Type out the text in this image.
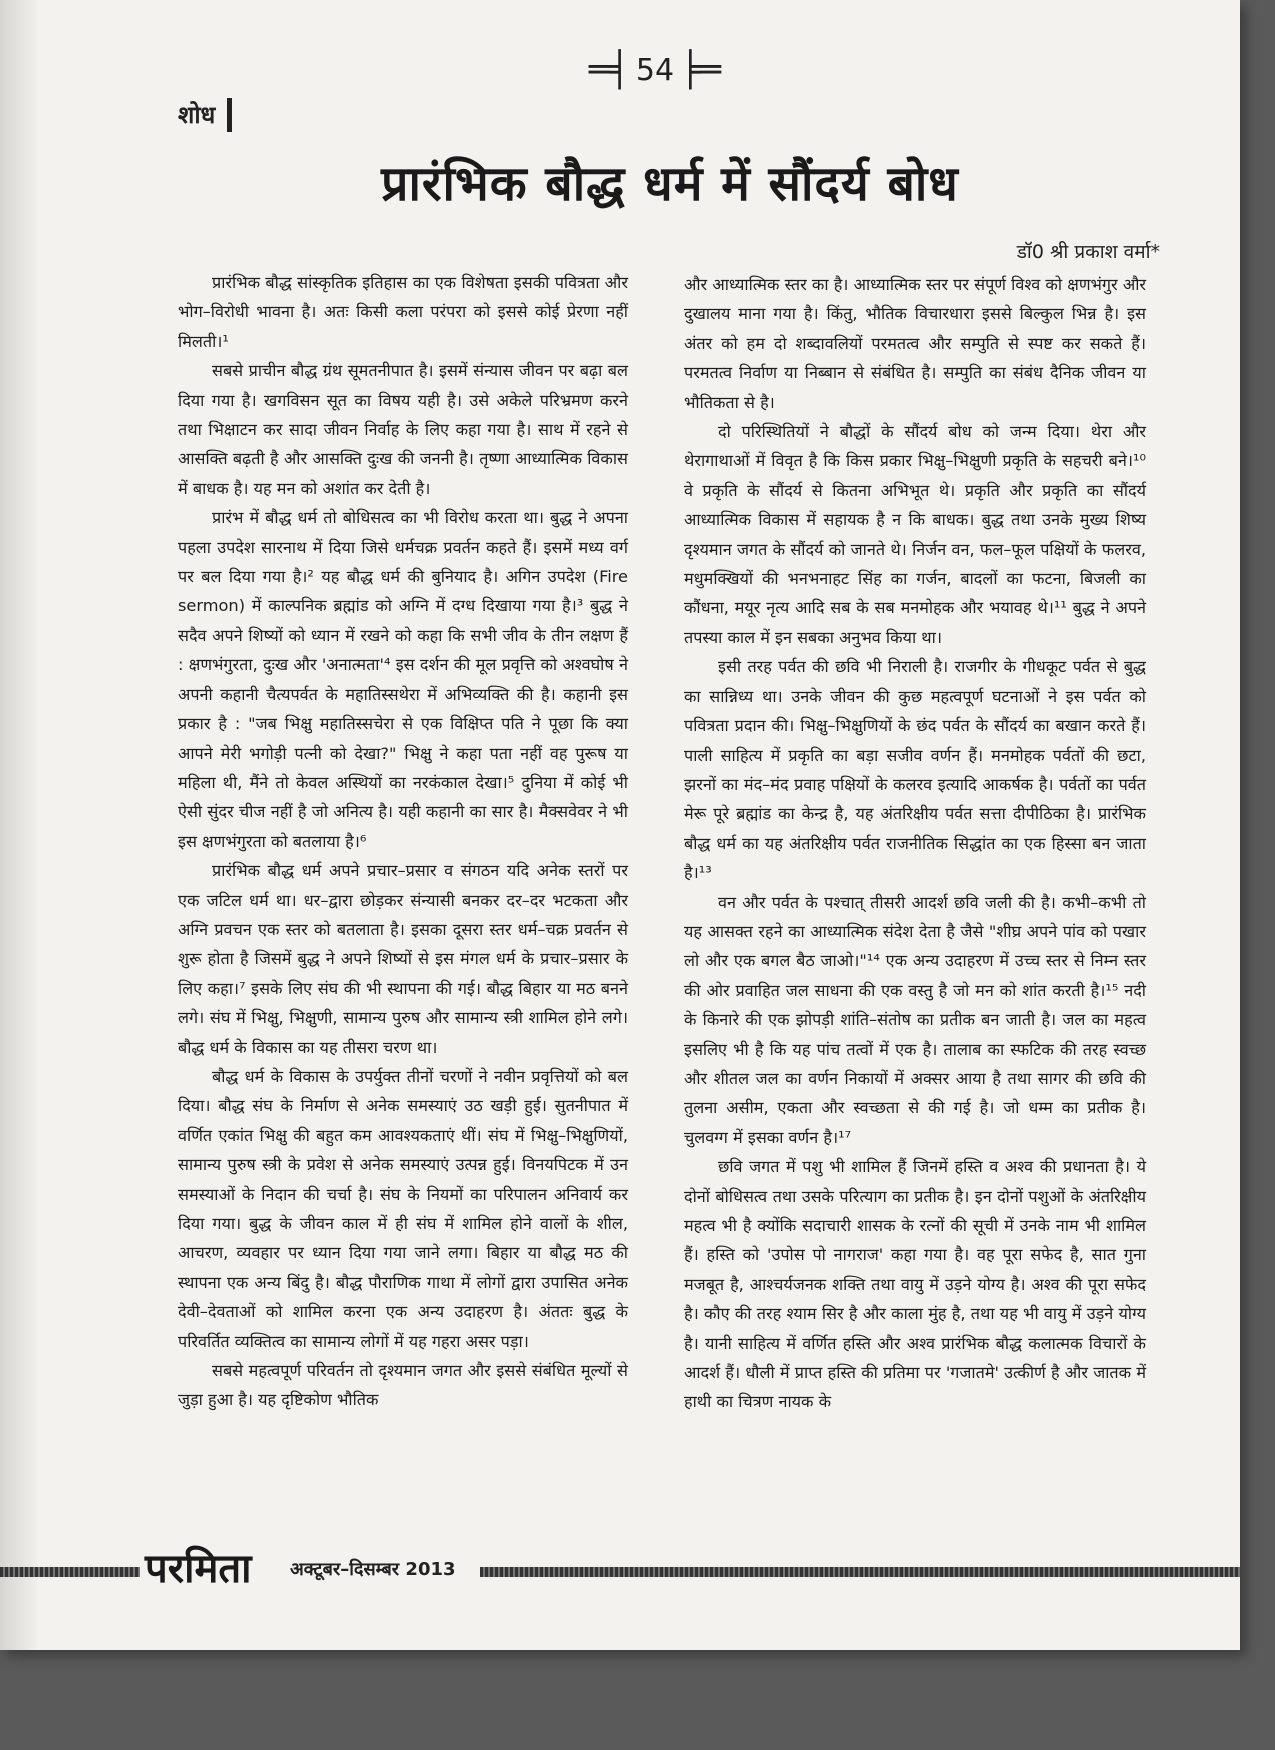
═╡ 54 ╞═
शोध
प्रारंभिक बौद्ध धर्म में सौंदर्य बोध
डॉ0 श्री प्रकाश वर्मा*

प्रारंभिक बौद्ध सांस्कृतिक इतिहास का एक विशेषता इसकी पवित्रता और भोग–विरोधी भावना है। अतः किसी कला परंपरा को इससे कोई प्रेरणा नहीं मिलती।¹

सबसे प्राचीन बौद्ध ग्रंथ सूमतनीपात है। इसमें संन्यास जीवन पर बढ़ा बल दिया गया है। खगविसन सूत का विषय यही है। उसे अकेले परिभ्रमण करने तथा भिक्षाटन कर सादा जीवन निर्वाह के लिए कहा गया है। साथ में रहने से आसक्ति बढ़ती है और आसक्ति दुःख की जननी है। तृष्णा आध्यात्मिक विकास में बाधक है। यह मन को अशांत कर देती है।

प्रारंभ में बौद्ध धर्म तो बोधिसत्व का भी विरोध करता था। बुद्ध ने अपना पहला उपदेश सारनाथ में दिया जिसे धर्मचक्र प्रवर्तन कहते हैं। इसमें मध्य वर्ग पर बल दिया गया है।² यह बौद्ध धर्म की बुनियाद है। अगिन उपदेश (Fire sermon) में काल्पनिक ब्रह्मांड को अग्नि में दग्ध दिखाया गया है।³ बुद्ध ने सदैव अपने शिष्यों को ध्यान में रखने को कहा कि सभी जीव के तीन लक्षण हैं : क्षणभंगुरता, दुःख और 'अनात्मता'⁴ इस दर्शन की मूल प्रवृत्ति को अश्वघोष ने अपनी कहानी चैत्यपर्वत के महातिस्सथेरा में अभिव्यक्ति की है। कहानी इस प्रकार है : "जब भिक्षु महातिस्सचेरा से एक विक्षिप्त पति ने पूछा कि क्या आपने मेरी भगोड़ी पत्नी को देखा?" भिक्षु ने कहा पता नहीं वह पुरूष या महिला थी, मैंने तो केवल अस्थियों का नरकंकाल देखा।⁵ दुनिया में कोई भी ऐसी सुंदर चीज नहीं है जो अनित्य है। यही कहानी का सार है। मैक्सवेवर ने भी इस क्षणभंगुरता को बतलाया है।⁶

प्रारंभिक बौद्ध धर्म अपने प्रचार–प्रसार व संगठन यदि अनेक स्तरों पर एक जटिल धर्म था। धर–द्वारा छोड़कर संन्यासी बनकर दर–दर भटकता और अग्नि प्रवचन एक स्तर को बतलाता है। इसका दूसरा स्तर धर्म–चक्र प्रवर्तन से शुरू होता है जिसमें बुद्ध ने अपने शिष्यों से इस मंगल धर्म के प्रचार–प्रसार के लिए कहा।⁷ इसके लिए संघ की भी स्थापना की गई। बौद्ध बिहार या मठ बनने लगे। संघ में भिक्षु, भिक्षुणी, सामान्य पुरुष और सामान्य स्त्री शामिल होने लगे। बौद्ध धर्म के विकास का यह तीसरा चरण था।

बौद्ध धर्म के विकास के उपर्युक्त तीनों चरणों ने नवीन प्रवृत्तियों को बल दिया। बौद्ध संघ के निर्माण से अनेक समस्याएं उठ खड़ी हुई। सुतनीपात में वर्णित एकांत भिक्षु की बहुत कम आवश्यकताएं थीं। संघ में भिक्षु–भिक्षुणियों, सामान्य पुरुष स्त्री के प्रवेश से अनेक समस्याएं उत्पन्न हुई। विनयपिटक में उन समस्याओं के निदान की चर्चा है। संघ के नियमों का परिपालन अनिवार्य कर दिया गया। बुद्ध के जीवन काल में ही संघ में शामिल होने वालों के शील, आचरण, व्यवहार पर ध्यान दिया गया जाने लगा। बिहार या बौद्ध मठ की स्थापना एक अन्य बिंदु है। बौद्ध पौराणिक गाथा में लोगों द्वारा उपासित अनेक देवी–देवताओं को शामिल करना एक अन्य उदाहरण है। अंततः बुद्ध के परिवर्तित व्यक्तित्व का सामान्य लोगों में यह गहरा असर पड़ा।

सबसे महत्वपूर्ण परिवर्तन तो दृश्यमान जगत और इससे संबंधित मूल्यों से जुड़ा हुआ है। यह दृष्टिकोण भौतिक

और आध्यात्मिक स्तर का है। आध्यात्मिक स्तर पर संपूर्ण विश्व को क्षणभंगुर और दुखालय माना गया है। किंतु, भौतिक विचारधारा इससे बिल्कुल भिन्न है। इस अंतर को हम दो शब्दावलियों परमतत्व और सम्पुति से स्पष्ट कर सकते हैं। परमतत्व निर्वाण या निब्बान से संबंधित है। सम्पुति का संबंध दैनिक जीवन या भौतिकता से है।

दो परिस्थितियों ने बौद्धों के सौंदर्य बोध को जन्म दिया। थेरा और थेरागाथाओं में विवृत है कि किस प्रकार भिक्षु–भिक्षुणी प्रकृति के सहचरी बने।¹⁰ वे प्रकृति के सौंदर्य से कितना अभिभूत थे। प्रकृति और प्रकृति का सौंदर्य आध्यात्मिक विकास में सहायक है न कि बाधक। बुद्ध तथा उनके मुख्य शिष्य दृश्यमान जगत के सौंदर्य को जानते थे। निर्जन वन, फल–फूल पक्षियों के फलरव, मधुमक्खियों की भनभनाहट सिंह का गर्जन, बादलों का फटना, बिजली का कौंधना, मयूर नृत्य आदि सब के सब मनमोहक और भयावह थे।¹¹ बुद्ध ने अपने तपस्या काल में इन सबका अनुभव किया था।

इसी तरह पर्वत की छवि भी निराली है। राजगीर के गीधकूट पर्वत से बुद्ध का सान्निध्य था। उनके जीवन की कुछ महत्वपूर्ण घटनाओं ने इस पर्वत को पवित्रता प्रदान की। भिक्षु–भिक्षुणियों के छंद पर्वत के सौंदर्य का बखान करते हैं। पाली साहित्य में प्रकृति का बड़ा सजीव वर्णन हैं। मनमोहक पर्वतों की छटा, झरनों का मंद–मंद प्रवाह पक्षियों के कलरव इत्यादि आकर्षक है। पर्वतों का पर्वत मेरू पूरे ब्रह्मांड का केन्द्र है, यह अंतरिक्षीय पर्वत सत्ता दीपीठिका है। प्रारंभिक बौद्ध धर्म का यह अंतरिक्षीय पर्वत राजनीतिक सिद्धांत का एक हिस्सा बन जाता है।¹³

वन और पर्वत के पश्चात् तीसरी आदर्श छवि जली की है। कभी–कभी तो यह आसक्त रहने का आध्यात्मिक संदेश देता है जैसे "शीघ्र अपने पांव को पखार लो और एक बगल बैठ जाओ।"¹⁴ एक अन्य उदाहरण में उच्च स्तर से निम्न स्तर की ओर प्रवाहित जल साधना की एक वस्तु है जो मन को शांत करती है।¹⁵ नदी के किनारे की एक झोपड़ी शांति–संतोष का प्रतीक बन जाती है। जल का महत्व इसलिए भी है कि यह पांच तत्वों में एक है। तालाब का स्फटिक की तरह स्वच्छ और शीतल जल का वर्णन निकायों में अक्सर आया है तथा सागर की छवि की तुलना असीम, एकता और स्वच्छता से की गई है। जो धम्म का प्रतीक है। चुलवग्ग में इसका वर्णन है।¹⁷

छवि जगत में पशु भी शामिल हैं जिनमें हस्ति व अश्व की प्रधानता है। ये दोनों बोधिसत्व तथा उसके परित्याग का प्रतीक है। इन दोनों पशुओं के अंतरिक्षीय महत्व भी है क्योंकि सदाचारी शासक के रत्नों की सूची में उनके नाम भी शामिल हैं। हस्ति को 'उपोस पो नागराज' कहा गया है। वह पूरा सफेद है, सात गुना मजबूत है, आश्चर्यजनक शक्ति तथा वायु में उड़ने योग्य है। अश्व की पूरा सफेद है। कौए की तरह श्याम सिर है और काला मुंह है, तथा यह भी वायु में उड़ने योग्य है। यानी साहित्य में वर्णित हस्ति और अश्व प्रारंभिक बौद्ध कलात्मक विचारों के आदर्श हैं। धौली में प्राप्त हस्ति की प्रतिमा पर 'गजातमे' उत्कीर्ण है और जातक में हाथी का चित्रण नायक के

परमिता अक्टूबर–दिसम्बर 2013
